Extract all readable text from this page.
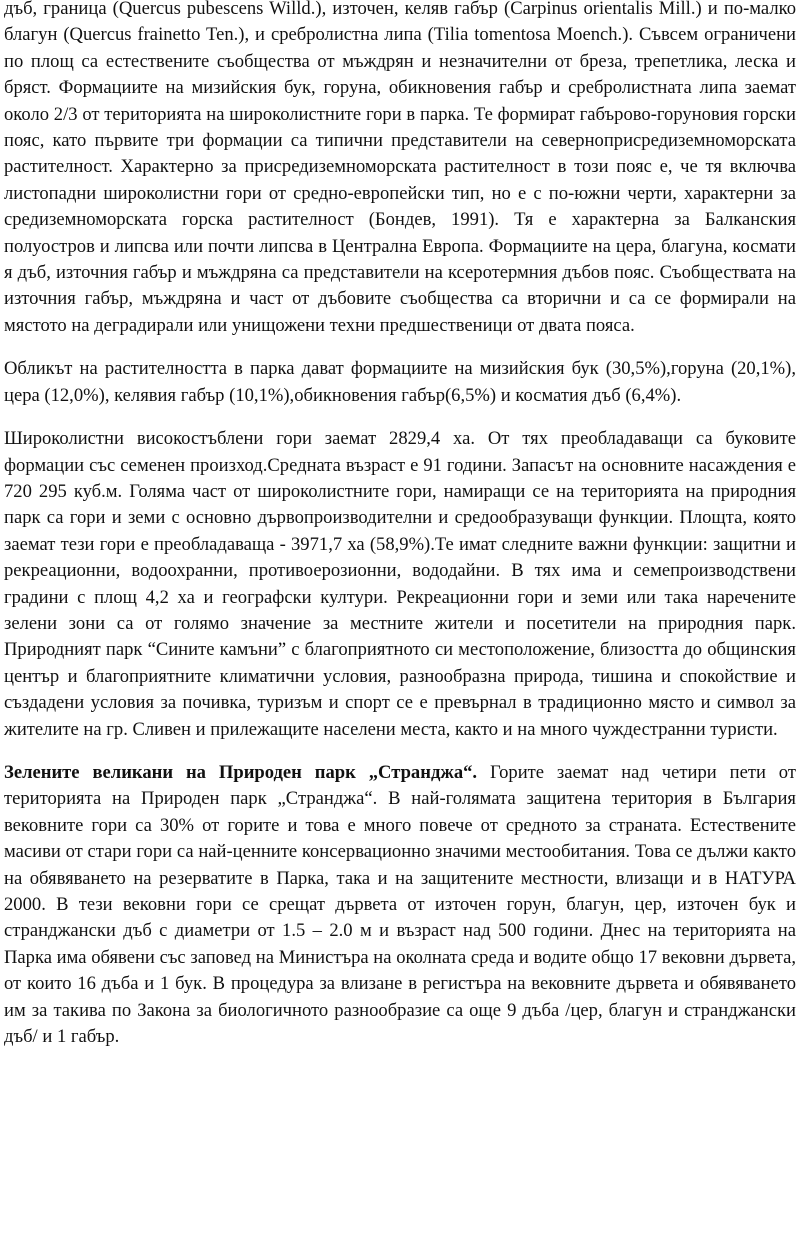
дъб, граница (Quercus pubescens Willd.), източен, келяв габър (Carpinus orientalis Mill.) и по-малко благун (Quercus frainetto Ten.), и сребролистна липа (Tilia tomentosa Moench.). Съвсем ограничени по площ са естествените съобщества от мъждрян и незначителни от бреза, трепетлика, леска и бряст. Формациите на мизийския бук, горуна, обикновения габър и сребролистната липа заемат около 2/3 от територията на широколистните гори в парка. Те формират габърово-горуновия горски пояс, като първите три формации са типични представители на севернoприсредиземноморската растителност. Характерно за присредиземноморската растителност в този пояс е, че тя включва листопадни широколистни гори от средно-европейски тип, но е с по-южни черти, характерни за средиземноморската горска растителност (Бондев, 1991). Тя е характерна за Балканския полуостров и липсва или почти липсва в Централна Европа. Формациите на цера, благуна, космати я дъб, източния габър и мъждряна са представители на ксеротермния дъбов пояс. Съобществата на източния габър, мъждряна и част от дъбовите съобщества са вторични и са се формирали на мястото на деградирали или унищожени техни предшественици от двата пояса.

Обликът на растителността в парка дават формациите на мизийския бук (30,5%),горуна (20,1%), цера (12,0%), келявия габър (10,1%),обикновения габър(6,5%) и косматия дъб (6,4%).

Широколистни високостъблени гори заемат 2829,4 ха. От тях преобладаващи са буковите формации със семенен произход.Средната възраст е 91 години. Запасът на основните насаждения е 720 295 куб.м. Голяма част от широколистните гори, намиращи се на територията на природния парк са гори и земи с основно дървопроизводителни и средообразуващи функции. Площта, която заемат тези гори е преобладаваща - 3971,7 ха (58,9%).Те имат следните важни функции: защитни и рекреационни, водоохранни, противоерозионни, вододайни. В тях има и семепроизводствени градини с площ 4,2 ха и географски култури. Рекреационни гори и земи или така наречените зелени зони са от голямо значение за местните жители и посетители на природния парк. Природният парк “Сините камъни” с благоприятното си местоположение, близостта до общинския център и благоприятните климатични условия, разнообразна природа, тишина и спокойствие и създадени условия за почивка, туризъм и спорт се е превърнал в традиционно място и символ за жителите на гр. Сливен и прилежащите населени места, както и на много чуждестранни туристи.

Зелените великани на Природен парк „Странджа“. Горите заемат над четири пети от територията на Природен парк „Странджа“. В най-голямата защитена територия в България вековните гори са 30% от горите и това е много повече от средното за страната. Естествените масиви от стари гори са най-ценните консервационно значими местообитания. Това се дължи както на обявяването на резерватите в Парка, така и на защитените местности, влизащи и в НАТУРА 2000. В тези вековни гори се срещат дървета от източен горун, благун, цер, източен бук и странджански дъб с диаметри от 1.5 – 2.0 м и възраст над 500 години. Днес на територията на Парка има обявени със заповед на Министъра на околната среда и водите общо 17 вековни дървета, от които 16 дъба и 1 бук. В процедура за влизане в регистъра на вековните дървета и обявяването им за такива по Закона за биологичното разнообразие са още 9 дъба /цер, благун и странджански дъб/ и 1 габър.
